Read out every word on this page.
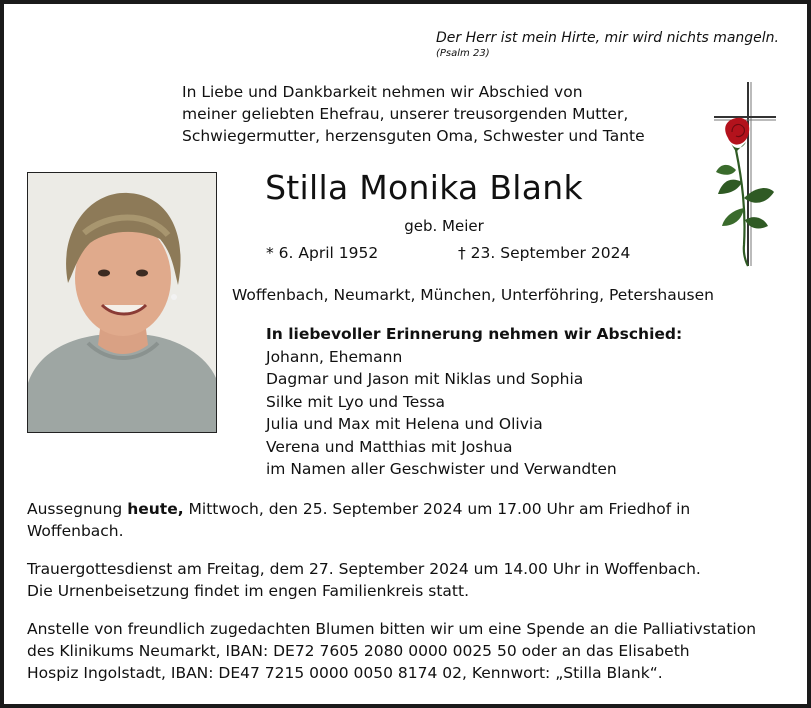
Der Herr ist mein Hirte, mir wird nichts mangeln.
(Psalm 23)
In Liebe und Dankbarkeit nehmen wir Abschied von
meiner geliebten Ehefrau, unserer treusorgenden Mutter,
Schwiegermutter, herzensguten Oma, Schwester und Tante
Stilla Monika Blank
geb. Meier
* 6. April 1952	† 23. September 2024
Woffenbach, Neumarkt, München, Unterföhring, Petershausen
In liebevoller Erinnerung nehmen wir Abschied:
Johann, Ehemann
Dagmar und Jason mit Niklas und Sophia
Silke mit Lyo und Tessa
Julia und Max mit Helena und Olivia
Verena und Matthias mit Joshua
im Namen aller Geschwister und Verwandten

Aussegnung heute, Mittwoch, den 25. September 2024 um 17.00 Uhr am Friedhof in
Woffenbach.

Trauergottesdienst am Freitag, dem 27. September 2024 um 14.00 Uhr in Woffenbach.
Die Urnenbeisetzung findet im engen Familienkreis statt.

Anstelle von freundlich zugedachten Blumen bitten wir um eine Spende an die Palliativstation
des Klinikums Neumarkt, IBAN: DE72 7605 2080 0000 0025 50 oder an das Elisabeth
Hospiz Ingolstadt, IBAN: DE47 7215 0000 0050 8174 02, Kennwort: „Stilla Blank“.
